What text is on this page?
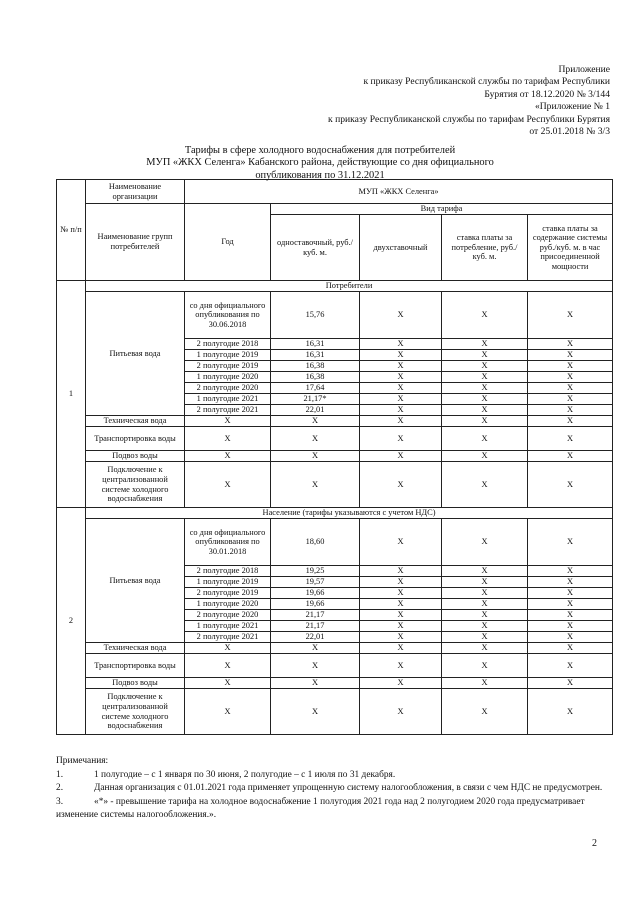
Приложение
к приказу Республиканской службы по тарифам Республики
Бурятия от 18.12.2020 № 3/144
«Приложение № 1
к приказу Республиканской службы по тарифам Республики Бурятия
от 25.01.2018 № 3/3
Тарифы в сфере холодного водоснабжения для потребителей
МУП «ЖКХ Селенга» Кабанского района, действующие со дня официального
опубликования по 31.12.2021
№ п/п	Наименование организации	МУП «ЖКХ Селенга»				
	Наименование групп потребителей	Год	Вид тарифа			
			одноставочный, руб./ куб. м.	двухставочный	ставка платы за потребление, руб./ куб. м.	ставка платы за содержание системы руб./куб. м. в час присоединенной мощности
1	Потребители					
	Питьевая вода	со дня официального опубликования по 30.06.2018	15,76	Х	Х	Х
		2 полугодие 2018	16,31	Х	Х	Х
		1 полугодие 2019	16,31	Х	Х	Х
		2 полугодие 2019	16,38	Х	Х	Х
		1 полугодие 2020	16,38	Х	Х	Х
		2 полугодие 2020	17,64	Х	Х	Х
		1 полугодие 2021	21,17*	Х	Х	Х
		2 полугодие 2021	22,01	Х	Х	Х
	Техническая вода	Х	Х	Х	Х	Х
	Транспортировка воды	Х	Х	Х	Х	Х
	Подвоз воды	Х	Х	Х	Х	Х
	Подключение к централизованной системе холодного водоснабжения	Х	Х	Х	Х	Х
2	Население (тарифы указываются с учетом НДС)					
	Питьевая вода	со дня официального опубликования по 30.01.2018	18,60	Х	Х	Х
		2 полугодие 2018	19,25	Х	Х	Х
		1 полугодие 2019	19,57	Х	Х	Х
		2 полугодие 2019	19,66	Х	Х	Х
		1 полугодие 2020	19,66	Х	Х	Х
		2 полугодие 2020	21,17	Х	Х	Х
		1 полугодие 2021	21,17	Х	Х	Х
		2 полугодие 2021	22,01	Х	Х	Х
	Техническая вода	Х	Х	Х	Х	Х
	Транспортировка воды	Х	Х	Х	Х	Х
	Подвоз воды	Х	Х	Х	Х	Х
	Подключение к централизованной системе холодного водоснабжения	Х	Х	Х	Х	Х

Примечания:

1.	1 полугодие – с 1 января по 30 июня, 2 полугодие – с 1 июля по 31 декабря.

2.	Данная организация с 01.01.2021 года применяет упрощенную систему налогообложения, в связи с чем НДС не предусмотрен.

3.	«*» - превышение тарифа на холодное водоснабжение 1 полугодия 2021 года над 2 полугодием 2020 года предусматривает изменение системы налогообложения.».

2
